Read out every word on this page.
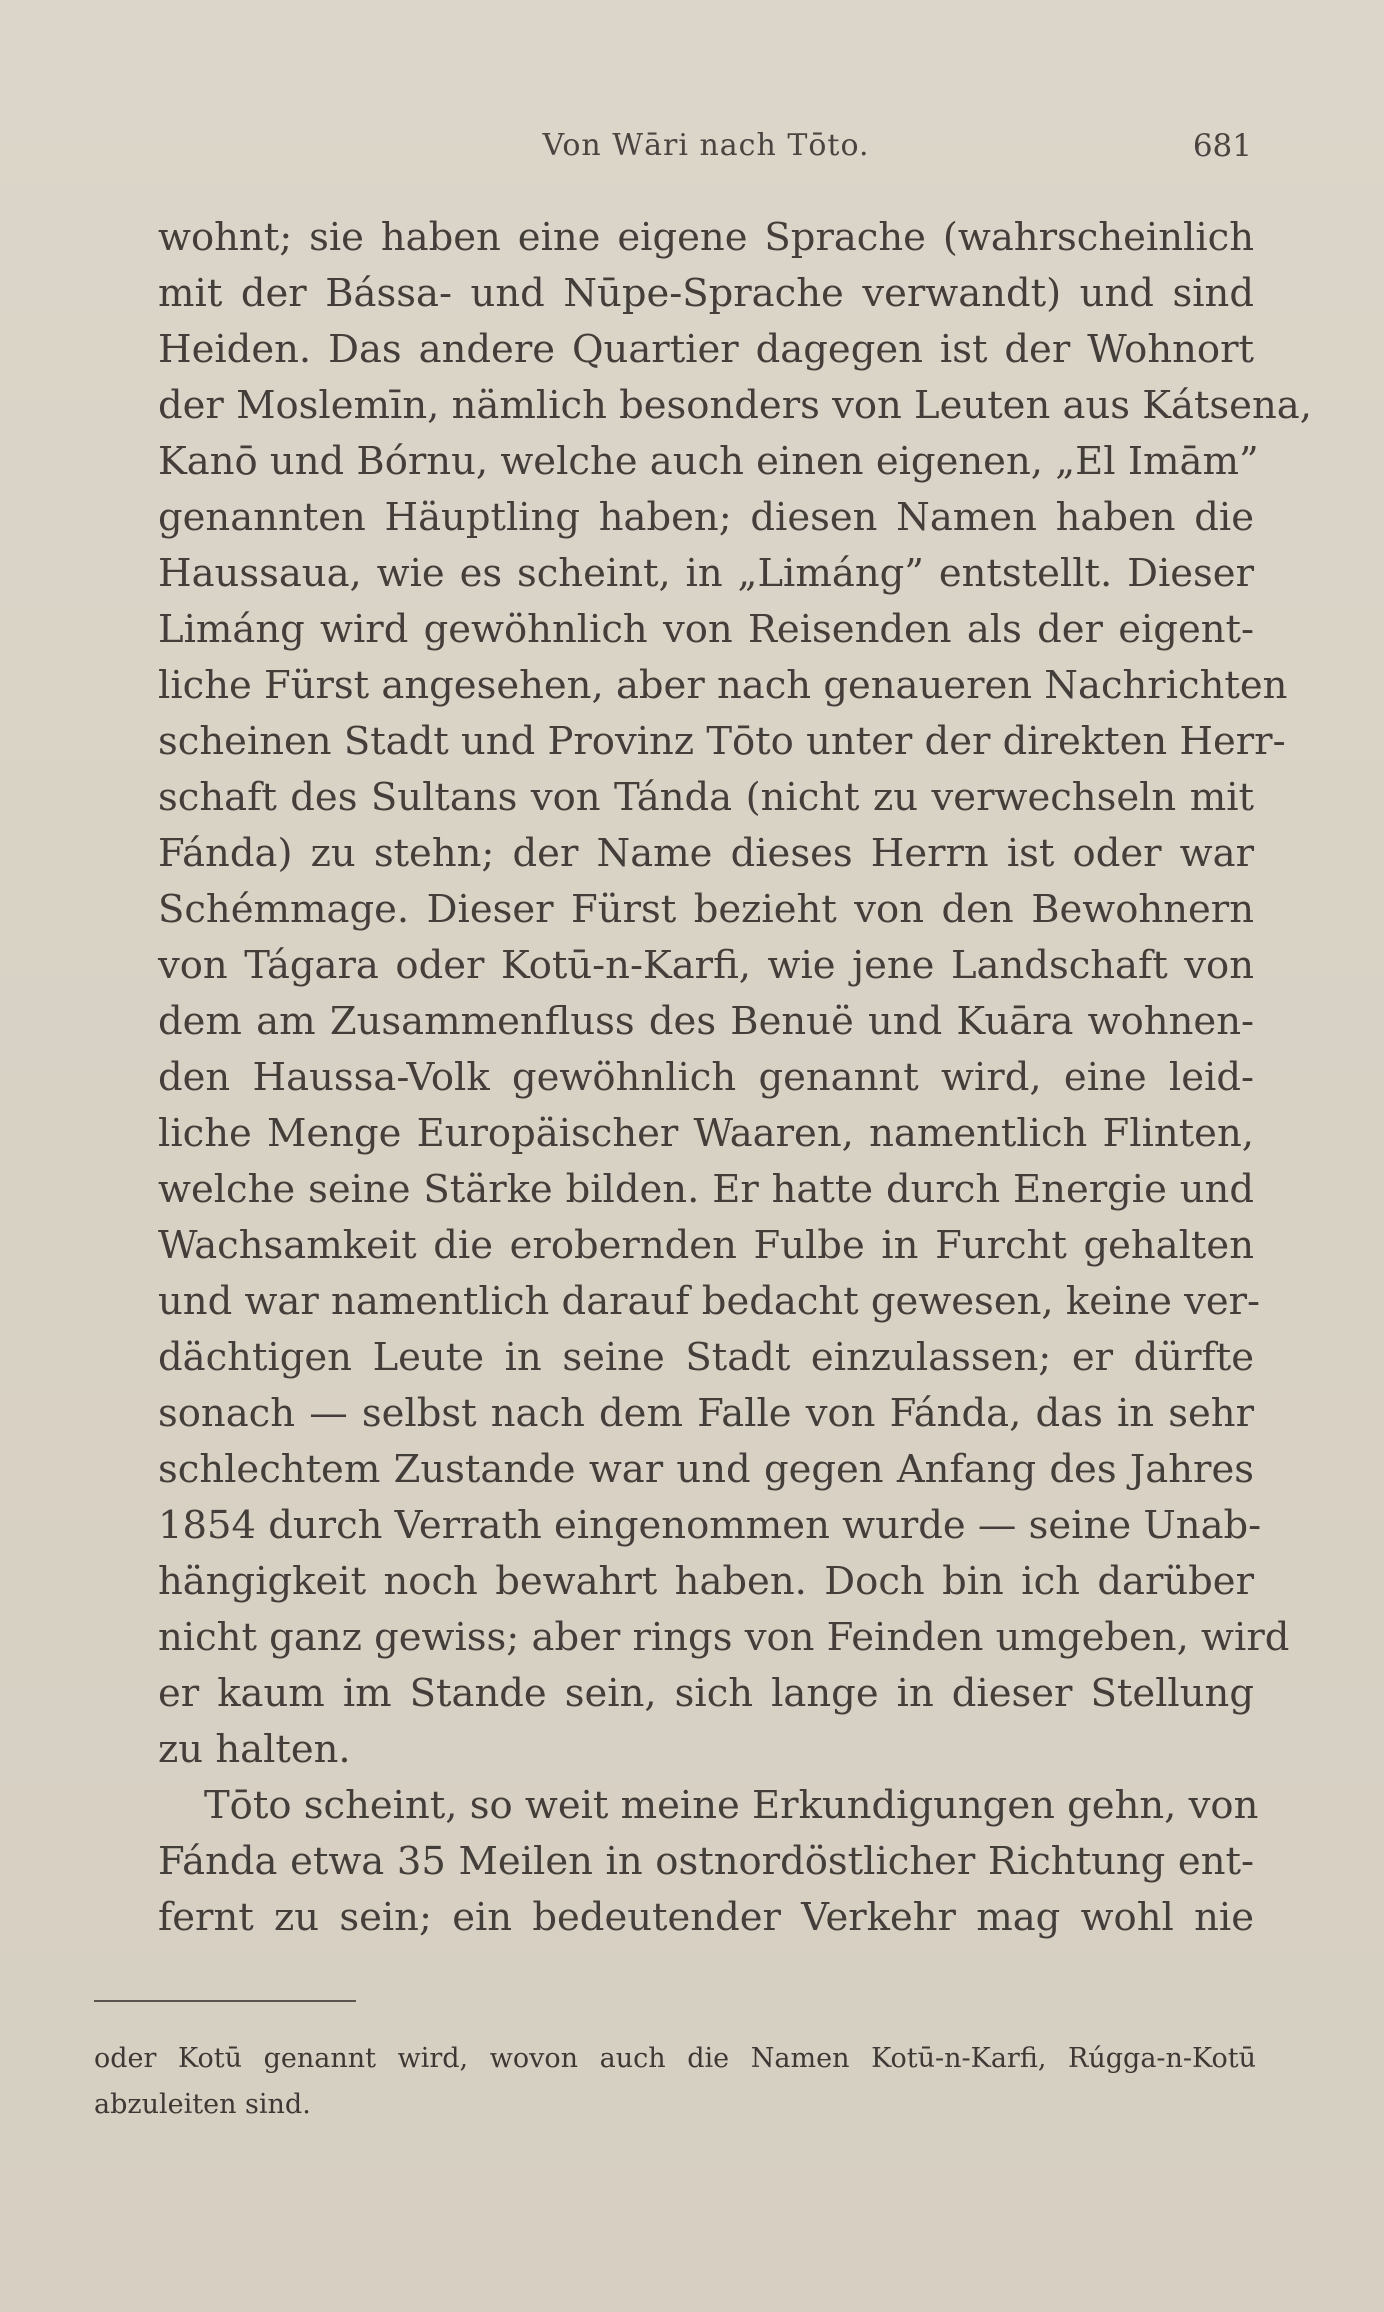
Von Wāri nach Tōto.	681
wohnt; sie haben eine eigene Sprache (wahrscheinlich
mit der Bássa- und Nūpe-Sprache verwandt) und sind
Heiden. Das andere Quartier dagegen ist der Wohnort
der Moslemīn, nämlich besonders von Leuten aus Kátsena,
Kanō und Bórnu, welche auch einen eigenen, „El Imām”
genannten Häuptling haben; diesen Namen haben die
Haussaua, wie es scheint, in „Limáng” entstellt. Dieser
Limáng wird gewöhnlich von Reisenden als der eigent-
liche Fürst angesehen, aber nach genaueren Nachrichten
scheinen Stadt und Provinz Tōto unter der direkten Herr-
schaft des Sultans von Tánda (nicht zu verwechseln mit
Fánda) zu stehn; der Name dieses Herrn ist oder war
Schémmage. Dieser Fürst bezieht von den Bewohnern
von Tágara oder Kotū-n-Karfi, wie jene Landschaft von
dem am Zusammenfluss des Benuë und Kuāra wohnen-
den Haussa-Volk gewöhnlich genannt wird, eine leid-
liche Menge Europäischer Waaren, namentlich Flinten,
welche seine Stärke bilden. Er hatte durch Energie und
Wachsamkeit die erobernden Fulbe in Furcht gehalten
und war namentlich darauf bedacht gewesen, keine ver-
dächtigen Leute in seine Stadt einzulassen; er dürfte
sonach — selbst nach dem Falle von Fánda, das in sehr
schlechtem Zustande war und gegen Anfang des Jahres
1854 durch Verrath eingenommen wurde — seine Unab-
hängigkeit noch bewahrt haben. Doch bin ich darüber
nicht ganz gewiss; aber rings von Feinden umgeben, wird
er kaum im Stande sein, sich lange in dieser Stellung
zu halten.
Tōto scheint, so weit meine Erkundigungen gehn, von
Fánda etwa 35 Meilen in ostnordöstlicher Richtung ent-
fernt zu sein; ein bedeutender Verkehr mag wohl nie
oder Kotū genannt wird, wovon auch die Namen Kotū-n-Karfi, Rúgga-n-Kotū
abzuleiten sind.
